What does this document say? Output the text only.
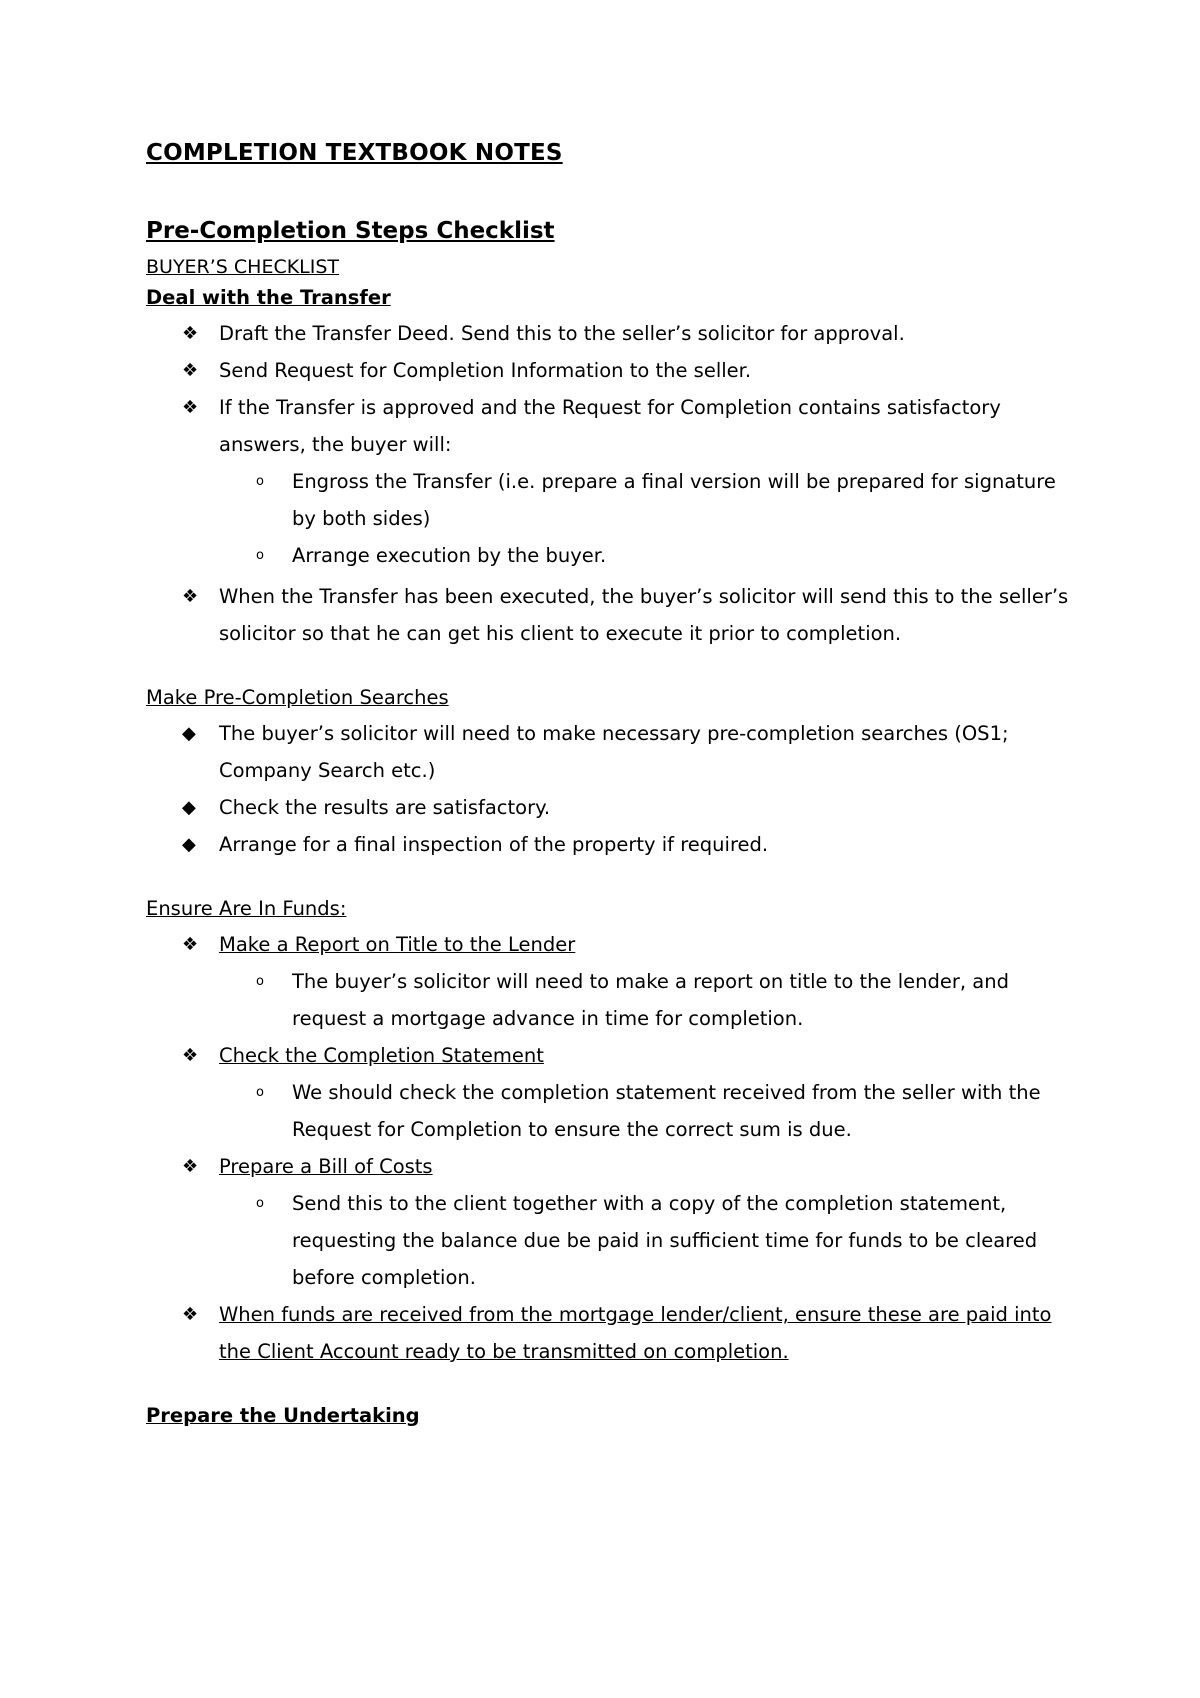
COMPLETION TEXTBOOK NOTES
Pre-Completion Steps Checklist
BUYER’S CHECKLIST
Deal with the Transfer
❖ Draft the Transfer Deed. Send this to the seller’s solicitor for approval.
❖ Send Request for Completion Information to the seller.
❖ If the Transfer is approved and the Request for Completion contains satisfactory answers, the buyer will:
o Engross the Transfer (i.e. prepare a final version will be prepared for signature by both sides)
o Arrange execution by the buyer.
❖ When the Transfer has been executed, the buyer’s solicitor will send this to the seller’s solicitor so that he can get his client to execute it prior to completion.
Make Pre-Completion Searches
◆ The buyer’s solicitor will need to make necessary pre-completion searches (OS1; Company Search etc.)
◆ Check the results are satisfactory.
◆ Arrange for a final inspection of the property if required.
Ensure Are In Funds:
❖ Make a Report on Title to the Lender
o The buyer’s solicitor will need to make a report on title to the lender, and request a mortgage advance in time for completion.
❖ Check the Completion Statement
o We should check the completion statement received from the seller with the Request for Completion to ensure the correct sum is due.
❖ Prepare a Bill of Costs
o Send this to the client together with a copy of the completion statement, requesting the balance due be paid in sufficient time for funds to be cleared before completion.
❖ When funds are received from the mortgage lender/client, ensure these are paid into the Client Account ready to be transmitted on completion.
Prepare the Undertaking
